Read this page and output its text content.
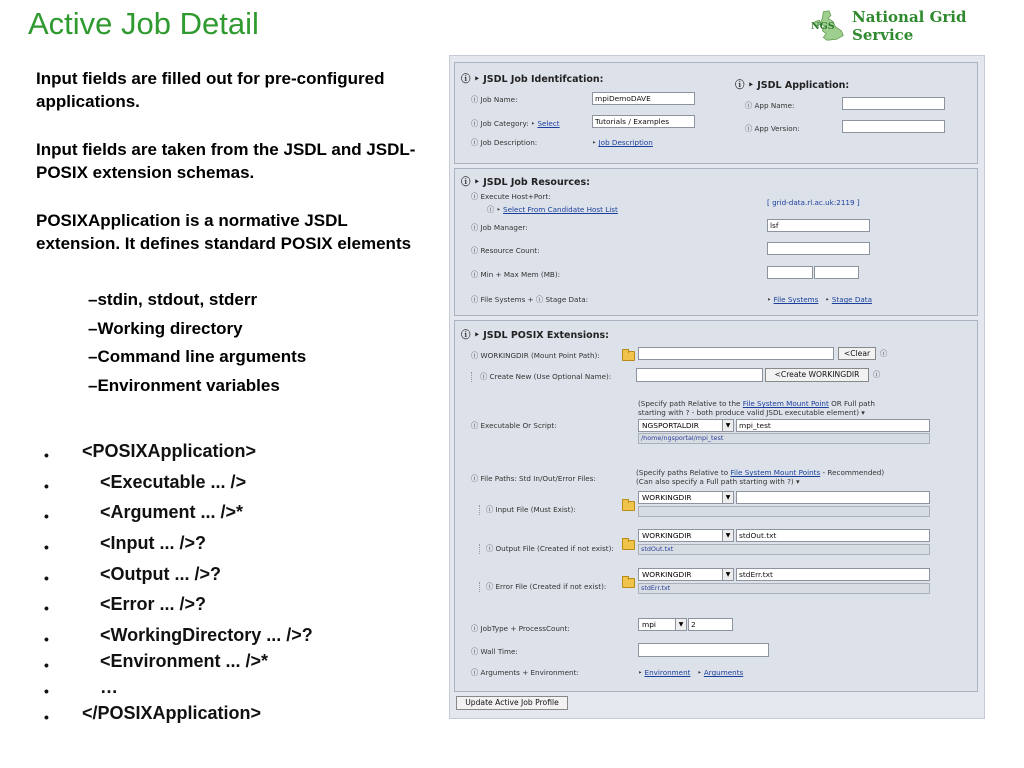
Active Job Detail	NGS
National Grid Service
Input fields are filled out for pre-configured applications.
Input fields are taken from the JSDL and JSDL-POSIX extension schemas.
POSIXApplication is a normative JSDL extension. It defines standard POSIX elements
–stdin, stdout, stderr
–Working directory
–Command line arguments
–Environment variables
• <POSIXApplication>
•	<Executable ... />
•	<Argument ... />*
•	<Input ... />?
•	<Output ... />?
•	<Error ... />?
•	<WorkingDirectory ... />?
•	<Environment ... />*
•	…
• </POSIXApplication>
ⓘ ‣ JSDL Job Identifcation:
ⓘ Job Name:	mpiDemoDAVE
ⓘ Job Category: ‣ Select	Tutorials / Examples
ⓘ Job Description:	‣ Job Description
ⓘ ‣ JSDL Application:
ⓘ App Name:
ⓘ App Version:
ⓘ ‣ JSDL Job Resources:
ⓘ Execute Host+Port:
ⓘ ‣ Select From Candidate Host List
[ grid-data.rl.ac.uk:2119 ]
ⓘ Job Manager:	lsf
ⓘ Resource Count:
ⓘ Min + Max Mem (MB):
ⓘ File Systems + ⓘ Stage Data:	‣ File Systems ‣ Stage Data
ⓘ ‣ JSDL POSIX Extensions:
ⓘ WORKINGDIR (Mount Point Path):	<Clear	ⓘ
ⓘ Create New (Use Optional Name):	<Create WORKINGDIR	ⓘ
(Specify path Relative to the File System Mount Point OR Full path
starting with ? - both produce valid JSDL executable element) ▾
ⓘ Executable Or Script:	NGSPORTALDIR	▼	mpi_test
/home/ngsportal/mpi_test
(Specify paths Relative to File System Mount Points - Recommended)
(Can also specify a Full path starting with ?) ▾
ⓘ File Paths: Std In/Out/Error Files:
ⓘ Input File (Must Exist):
WORKINGDIR	▼
ⓘ Output File (Created if not exist):
WORKINGDIR	▼	stdOut.txt
stdOut.txt
ⓘ Error File (Created if not exist):
WORKINGDIR	▼	stdErr.txt
stdErr.txt
ⓘ JobType + ProcessCount:	mpi	▼	2
ⓘ Wall Time:
ⓘ Arguments + Environment:	‣ Environment ‣ Arguments
Update Active Job Profile
